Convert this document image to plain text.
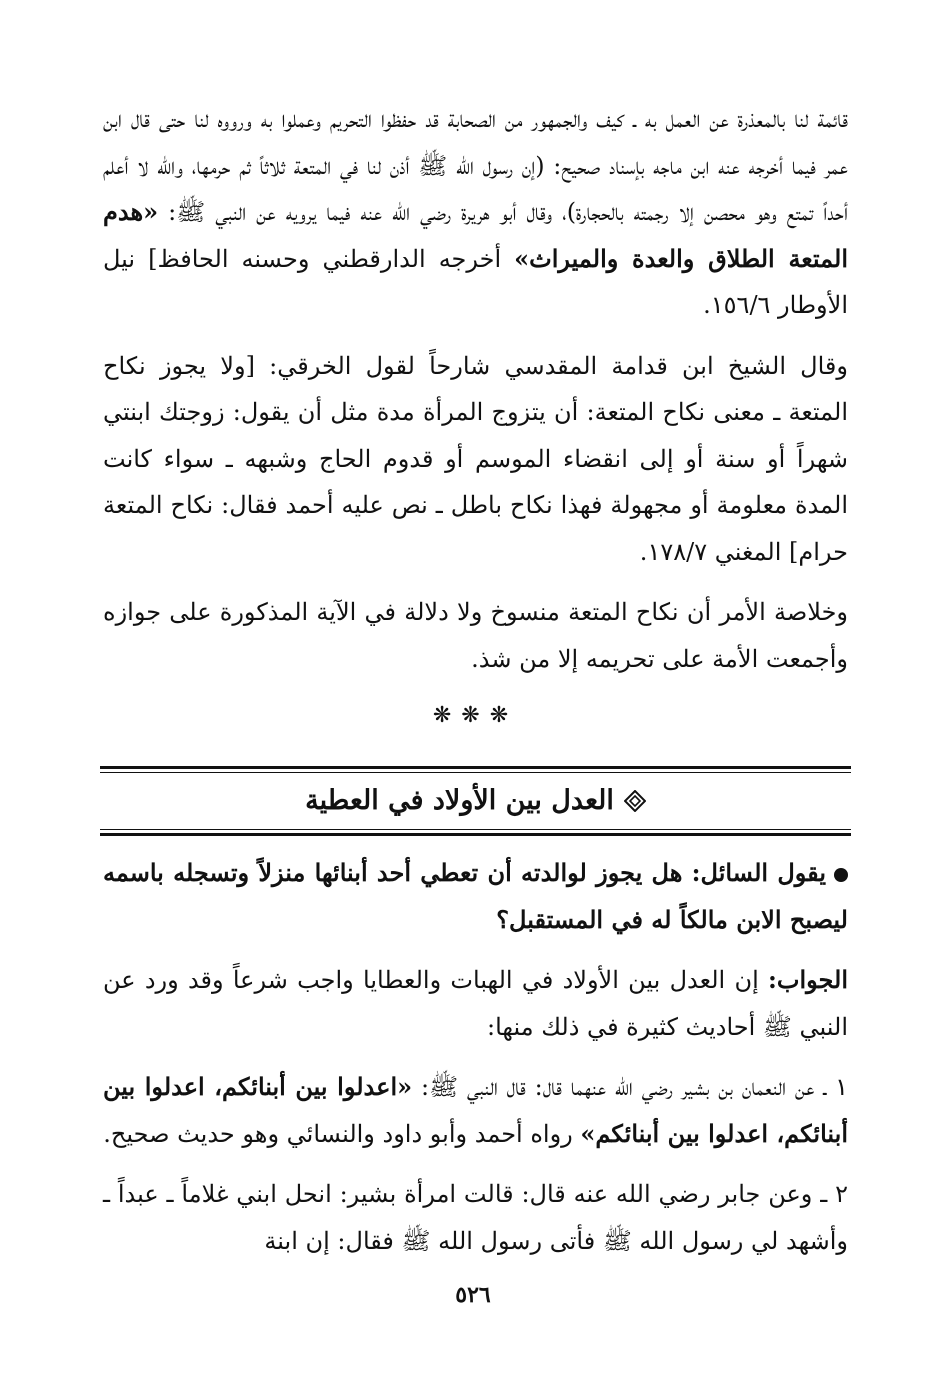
قائمة لنا بالمعذرة عن العمل به ـ كيف والجمهور من الصحابة قد حفظوا التحريم وعملوا به ورووه لنا حتى قال ابن عمر فيما أخرجه عنه ابن ماجه بإسناد صحيح: (إن رسول الله ﷺ أذن لنا في المتعة ثلاثاً ثم حرمها، والله لا أعلم أحداً تمتع وهو محصن إلا رجمته بالحجارة)، وقال أبو هريرة رضي الله عنه فيما يرويه عن النبي ﷺ: «هدم المتعة الطلاق والعدة والميراث» أخرجه الدارقطني وحسنه الحافظ] نيل الأوطار ١٥٦/٦.

وقال الشيخ ابن قدامة المقدسي شارحاً لقول الخرقي: [ولا يجوز نكاح المتعة ـ معنى نكاح المتعة: أن يتزوج المرأة مدة مثل أن يقول: زوجتك ابنتي شهراً أو سنة أو إلى انقضاء الموسم أو قدوم الحاج وشبهه ـ سواء كانت المدة معلومة أو مجهولة فهذا نكاح باطل ـ نص عليه أحمد فقال: نكاح المتعة حرام] المغني ١٧٨/٧.

وخلاصة الأمر أن نكاح المتعة منسوخ ولا دلالة في الآية المذكورة على جوازه وأجمعت الأمة على تحريمه إلا من شذ.

❋❋❋
العدل بين الأولاد في العطية

يقول السائل: هل يجوز لوالدته أن تعطي أحد أبنائها منزلاً وتسجله باسمه ليصبح الابن مالكاً له في المستقبل؟

الجواب: إن العدل بين الأولاد في الهبات والعطايا واجب شرعاً وقد ورد عن النبي ﷺ أحاديث كثيرة في ذلك منها:

١ ـ عن النعمان بن بشير رضي الله عنهما قال: قال النبي ﷺ: «اعدلوا بين أبنائكم، اعدلوا بين أبنائكم، اعدلوا بين أبنائكم» رواه أحمد وأبو داود والنسائي وهو حديث صحيح.

٢ ـ وعن جابر رضي الله عنه قال: قالت امرأة بشير: انحل ابني غلاماً ـ عبداً ـ وأشهد لي رسول الله ﷺ فأتى رسول الله ﷺ فقال: إن ابنة

٥٢٦
